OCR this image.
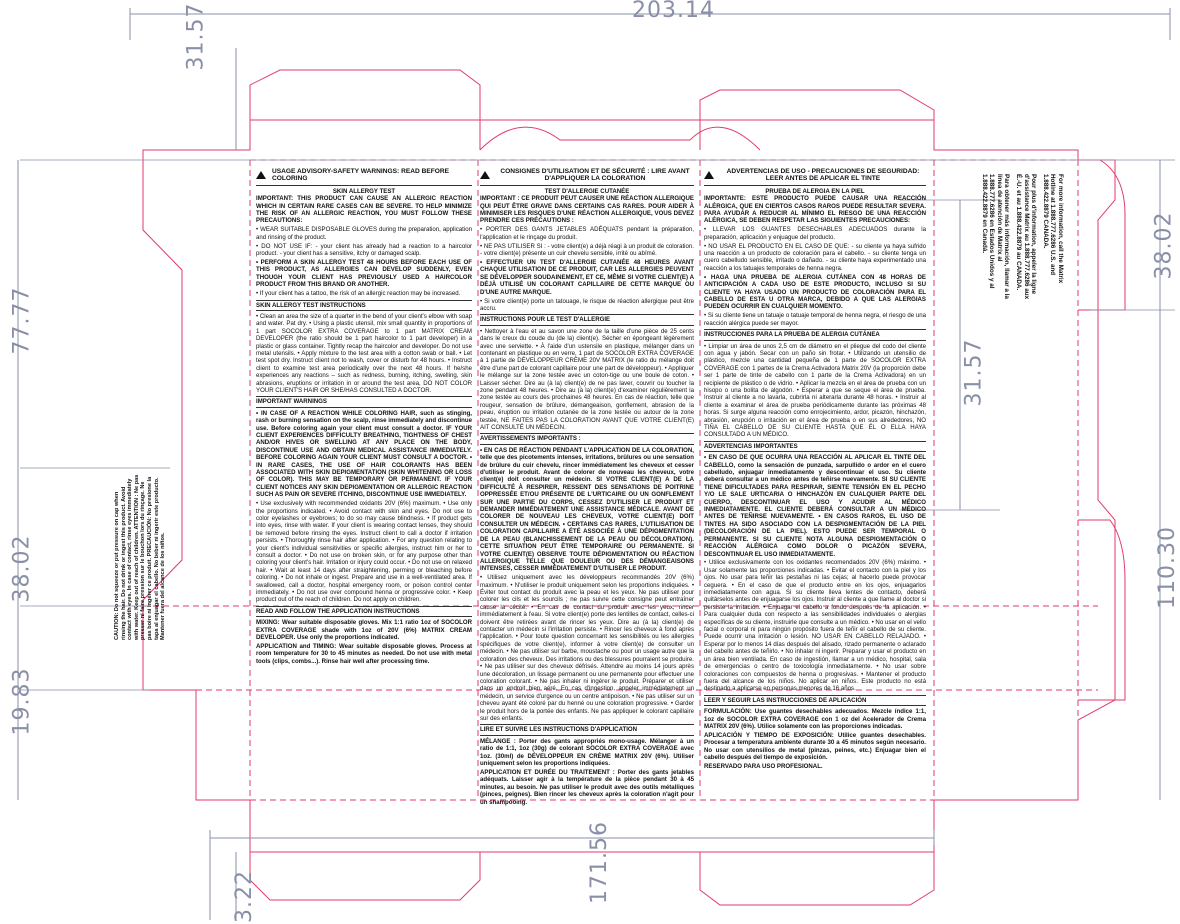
203.14
31.57
38.02
77.77
38.02
19.83
31.57
110.30
171.56
3.22
USAGE ADVISORY-SAFETY WARNINGS: READ BEFORE COLORING
SKIN ALLERGY TEST

IMPORTANT: THIS PRODUCT CAN CAUSE AN ALLERGIC REACTION WHICH IN CERTAIN RARE CASES CAN BE SEVERE. TO HELP MINIMIZE THE RISK OF AN ALLERGIC REACTION, YOU MUST FOLLOW THESE PRECAUTIONS:

• WEAR SUITABLE DISPOSABLE GLOVES during the preparation, application and rinsing of the product.

• DO NOT USE IF: - your client has already had a reaction to a haircolor product. - your client has a sensitive, itchy or damaged scalp.

• PERFORM A SKIN ALLERGY TEST 48 HOURS BEFORE EACH USE OF THIS PRODUCT, AS ALLERGIES CAN DEVELOP SUDDENLY, EVEN THOUGH YOUR CLIENT HAS PREVIOUSLY USED A HAIRCOLOR PRODUCT FROM THIS BRAND OR ANOTHER.

• If your client has a tattoo, the risk of an allergic reaction may be increased.

SKIN ALLERGY TEST INSTRUCTIONS

• Clean an area the size of a quarter in the bend of your client's elbow with soap and water. Pat dry. • Using a plastic utensil, mix small quantity in proportions of 1 part SOCOLOR EXTRA COVERAGE to 1 part MATRIX CREAM DEVELOPER (the ratio should be 1 part haircolor to 1 part developer) in a plastic or glass container. Tightly recap the haircolor and developer. Do not use metal utensils. • Apply mixture to the test area with a cotton swab or ball. • Let test spot dry. Instruct client not to wash, cover or disturb for 48 hours. • Instruct client to examine test area periodically over the next 48 hours. If he/she experiences any reactions – such as redness, burning, itching, swelling, skin abrasions, eruptions or irritation in or around the test area, DO NOT COLOR YOUR CLIENT'S HAIR OR SHE/HAS CONSULTED A DOCTOR.

IMPORTANT WARNINGS

• IN CASE OF A REACTION WHILE COLORING HAIR, such as stinging, rash or burning sensation on the scalp, rinse immediately and discontinue use. Before coloring again your client must consult a doctor. IF YOUR CLIENT EXPERIENCES DIFFICULTY BREATHING, TIGHTNESS OF CHEST AND/OR HIVES OR SWELLING AT ANY PLACE ON THE BODY, DISCONTINUE USE AND OBTAIN MEDICAL ASSISTANCE IMMEDIATELY. BEFORE COLORING AGAIN YOUR CLIENT MUST CONSULT A DOCTOR. • IN RARE CASES, THE USE OF HAIR COLORANTS HAS BEEN ASSOCIATED WITH SKIN DEPIGMENTATION (SKIN WHITENING OR LOSS OF COLOR). THIS MAY BE TEMPORARY OR PERMANENT. IF YOUR CLIENT NOTICES ANY SKIN DEPIGMENTATION OR ALLERGIC REACTION SUCH AS PAIN OR SEVERE ITCHING, DISCONTINUE USE IMMEDIATELY.

• Use exclusively with recommended oxidants 20V (6%) maximum. • Use only the proportions indicated. • Avoid contact with skin and eyes. Do not use to color eyelashes or eyebrows; to do so may cause blindness. • If product gets into eyes, rinse with water. If your client is wearing contact lenses, they should be removed before rinsing the eyes. Instruct client to call a doctor if irritation persists. • Thoroughly rinse hair after application. • For any question relating to your client's individual sensitivities or specific allergies, instruct him or her to consult a doctor. • Do not use on broken skin, or for any purpose other than coloring your client's hair. Irritation or injury could occur. • Do not use on relaxed hair. • Wait at least 14 days after straightening, perming or bleaching before coloring. • Do not inhale or ingest. Prepare and use in a well-ventilated area. If swallowed, call a doctor, hospital emergency room, or poison control center immediately. • Do not use over compound henna or progressive color. • Keep product out of the reach of children. Do not apply on children.

READ AND FOLLOW THE APPLICATION INSTRUCTIONS

MIXING: Wear suitable disposable gloves. Mix 1:1 ratio 1oz of SOCOLOR EXTRA COVERAGE shade with 1oz of 20V (6%) MATRIX CREAM DEVELOPER. Use only the proportions indicated.

APPLICATION and TIMING: Wear suitable disposable gloves. Process at room temperature for 30 to 45 minutes as needed. Do not use with metal tools (clips, combs...). Rinse hair well after processing time.

CONSIGNES D'UTILISATION ET DE SÉCURITÉ : LIRE AVANT D'APPLIQUER LA COLORATION
TEST D'ALLERGIE CUTANÉE

IMPORTANT : CE PRODUIT PEUT CAUSER UNE RÉACTION ALLERGIQUE QUI PEUT ÊTRE GRAVE DANS CERTAINS CAS RARES. POUR AIDER À MINIMISER LES RISQUES D'UNE RÉACTION ALLERGIQUE, VOUS DEVEZ PRENDRE CES PRÉCAUTIONS :

• PORTER DES GANTS JETABLES ADÉQUATS pendant la préparation, l'application et le rinçage du produit.

• NE PAS UTILISER SI : - votre client(e) a déjà réagi à un produit de coloration. - votre client(e) présente un cuir chevelu sensible, irrité ou abîmé.

• EFFECTUER UN TEST D'ALLERGIE CUTANÉE 48 HEURES AVANT CHAQUE UTILISATION DE CE PRODUIT, CAR LES ALLERGIES PEUVENT SE DÉVELOPPER SOUDAINEMENT, ET CE, MÊME SI VOTRE CLIENT(E) A DÉJÀ UTILISÉ UN COLORANT CAPILLAIRE DE CETTE MARQUE OU D'UNE AUTRE MARQUE.

• Si votre client(e) porte un tatouage, le risque de réaction allergique peut être accru.

INSTRUCTIONS POUR LE TEST D'ALLERGIE

• Nettoyer à l'eau et au savon une zone de la taille d'une pièce de 25 cents dans le creux du coude du (de la) client(e). Sécher en épongeant légèrement avec une serviette. • À l'aide d'un ustensile en plastique, mélanger dans un contenant en plastique ou en verre, 1 part de SOCOLOR EXTRA COVERAGE à 1 partie de DÉVELOPPEUR CRÈME 20V MATRIX (le ratio du mélange doit être d'une part de colorant capillaire pour une part de développeur). • Appliquer le mélange sur la zone testée avec un coton-tige ou une boule de coton. • Laisser sécher. Dire au (à la) client(e) de ne pas laver, couvrir ou toucher la zone pendant 48 heures. • Dire au (à la) client(e) d'examiner régulièrement la zone testée au cours des prochaines 48 heures. En cas de réaction, telle que rougeur, sensation de brûlure, démangeaison, gonflement, abrasion de la peau, éruption ou irritation cutanée de la zone testée ou autour de la zone testée, NE FAITES PAS LA COLORATION AVANT QUE VOTRE CLIENT(E) AIT CONSULTÉ UN MÉDECIN.

AVERTISSEMENTS IMPORTANTS :

• EN CAS DE RÉACTION PENDANT L'APPLICATION DE LA COLORATION, telle que des picotements intenses, irritations, brûlures ou une sensation de brûlure du cuir chevelu, rincer immédiatement les cheveux et cesser d'utiliser le produit. Avant de colorer de nouveau les cheveux, votre client(e) doit consulter un médecin. SI VOTRE CLIENT(E) A DE LA DIFFICULTÉ À RESPIRER, RESSENT DES SENSATIONS DE POITRINE OPPRESSÉE ET/OU PRÉSENTE DE L'URTICAIRE OU UN GONFLEMENT SUR UNE PARTIE DU CORPS, CESSEZ D'UTILISER LE PRODUIT ET DEMANDER IMMÉDIATEMENT UNE ASSISTANCE MÉDICALE. AVANT DE COLORER DE NOUVEAU LES CHEVEUX, VOTRE CLIENT(E) DOIT CONSULTER UN MÉDECIN. • CERTAINS CAS RARES, L'UTILISATION DE COLORATION CAPILLAIRE A ÉTÉ ASSOCIÉE À UNE DÉPIGMENTATION DE LA PEAU (BLANCHISSEMENT DE LA PEAU OU DÉCOLORATION). CETTE SITUATION PEUT ÊTRE TEMPORAIRE OU PERMANENTE. SI VOTRE CLIENT(E) OBSERVE TOUTE DÉPIGMENTATION OU RÉACTION ALLERGIQUE TELLE QUE DOULEUR OU DES DÉMANGEAISONS INTENSES, CESSER IMMÉDIATEMENT D'UTILISER LE PRODUIT.

• Utilisez uniquement avec les développeurs recommandés 20V (6%) maximum. • N'utiliser le produit uniquement selon les proportions indiquées. • Éviter tout contact du produit avec la peau et les yeux. Ne pas utiliser pour colorer les cils et les sourcils ; ne pas suivre cette consigne peut entraîner cause la cécité. • En cas de contact du produit avec les yeux, rincer immédiatement à l'eau. Si votre client(e) porte des lentilles de contact, celles-ci doivent être retirées avant de rincer les yeux. Dire au (à la) client(e) de contacter un médecin si l'irritation persiste. • Rincer les cheveux à fond après l'application. • Pour toute question concernant les sensibilités ou les allergies spécifiques de votre client(e), informer à votre client(e) de consulter un médecin. • Ne pas utiliser sur barbe, moustache ou pour un usage autre que la coloration des cheveux. Des irritations ou des blessures pourraient se produire. • Ne pas utiliser sur des cheveux défrisés. Attendre au moins 14 jours après une décoloration, un lissage permanent ou une permanente pour effectuer une coloration colorant. • Ne pas inhaler ni ingérer le produit. Préparer et utiliser dans un endroit bien aéré. En cas d'ingestion, appeler immédiatement un médecin, un service d'urgence ou un centre antipoison. • Ne pas utiliser sur un cheveu ayant été coloré par du henné ou une coloration progressive. • Garder le produit hors de la portée des enfants. Ne pas appliquer le colorant capillaire sur des enfants.

LIRE ET SUIVRE LES INSTRUCTIONS D'APPLICATION

MÉLANGE : Porter des gants appropriés mono-usage. Mélanger à un ratio de 1:1, 1oz (30g) de colorant SOCOLOR EXTRA COVERAGE avec 1oz. (30ml) de DÉVELOPPEUR EN CRÈME MATRIX 20V (6%). Utiliser uniquement selon les proportions indiquées.

APPLICATION ET DURÉE DU TRAITEMENT : Porter des gants jetables adéquats. Laisser agir à la température de la pièce pendant 30 à 45 minutes, au besoin. Ne pas utiliser le produit avec des outils métalliques (pinces, peignes). Bien rincer les cheveux après la coloration n'agit pour un shampooing.

ADVERTENCIAS DE USO - PRECAUCIONES DE SEGURIDAD: LEER ANTES DE APLICAR EL TINTE
PRUEBA DE ALERGIA EN LA PIEL

IMPORTANTE: ESTE PRODUCTO PUEDE CAUSAR UNA REACCIÓN ALÉRGICA, QUE EN CIERTOS CASOS RAROS PUEDE RESULTAR SEVERA. PARA AYUDAR A REDUCIR AL MÍNIMO EL RIESGO DE UNA REACCIÓN ALÉRGICA, SE DEBEN RESPETAR LAS SIGUIENTES PRECAUCIONES:

• LLEVAR LOS GUANTES DESECHABLES ADECUADOS durante la preparación, aplicación y enjuague del producto.

• NO USAR EL PRODUCTO EN EL CASO DE QUE: - su cliente ya haya sufrido una reacción a un producto de coloración para el cabello. - su cliente tenga un cuero cabelludo sensible, irritado o dañado. - su cliente haya experimentado una reacción a los tatuajes temporales de henna negra.

• HAGA UNA PRUEBA DE ALERGIA CUTÁNEA CON 48 HORAS DE ANTICIPACIÓN A CADA USO DE ESTE PRODUCTO, INCLUSO SI SU CLIENTE YA HAYA USADO UN PRODUCTO DE COLORACIÓN PARA EL CABELLO DE ESTA U OTRA MARCA, DEBIDO A QUE LAS ALERGIAS PUEDEN OCURRIR EN CUALQUIER MOMENTO.

• Si su cliente tiene un tatuaje o tatuaje temporal de henna negra, el riesgo de una reacción alérgica puede ser mayor.

INSTRUCCIONES PARA LA PRUEBA DE ALERGIA CUTÁNEA

• Limpiar un área de unos 2,5 cm de diámetro en el pliegue del codo del cliente con agua y jabón. Secar con un paño sin frotar. • Utilizando un utensilio de plástico, mezcle una cantidad pequeña de 1 parte de SOCOLOR EXTRA COVERAGE con 1 partes de la Crema Activadora Matrix 20V (la proporción debe ser 1 parte de tinte de cabello con 1 parte de la Crema Activadora) en un recipiente de plástico o de vidrio. • Aplicar la mezcla en el área de prueba con un hisopo o una bolita de algodón. • Esperar a que se seque el área de prueba. Instruir al cliente a no lavarla, cubrirla ni alterarla durante 48 horas. • Instruir al cliente a examinar el área de prueba periódicamente durante las próximas 48 horas. Si surge alguna reacción como enrojecimiento, ardor, picazón, hinchazón, abrasión, erupción o irritación en el área de prueba o en sus alrededores, NO TIÑA EL CABELLO DE SU CLIENTE HASTA QUE ÉL O ELLA HAYA CONSULTADO A UN MÉDICO.

ADVERTENCIAS IMPORTANTES

• EN CASO DE QUE OCURRA UNA REACCIÓN AL APLICAR EL TINTE DEL CABELLO, como la sensación de punzada, sarpullido o ardor en el cuero cabelludo, enjuagar inmediatamente y descontinuar el uso. Su cliente deberá consultar a un médico antes de teñirse nuevamente. SI SU CLIENTE TIENE DIFICULTADES PARA RESPIRAR, SIENTE TENSIÓN EN EL PECHO Y/O LE SALE URTICARIA O HINCHAZÓN EN CUALQUIER PARTE DEL CUERPO, DESCONTINUAR EL USO Y ACUDIR AL MÉDICO INMEDIATAMENTE. EL CLIENTE DEBERÁ CONSULTAR A UN MÉDICO ANTES DE TEÑIRSE NUEVAMENTE. • EN CASOS RAROS, EL USO DE TINTES HA SIDO ASOCIADO CON LA DESPIGMENTACIÓN DE LA PIEL (DECOLORACIÓN DE LA PIEL). ESTO PUEDE SER TEMPORAL O PERMANENTE. SI SU CLIENTE NOTA ALGUNA DESPIGMENTACIÓN O REACCIÓN ALÉRGICA COMO DOLOR O PICAZÓN SEVERA, DESCONTINUAR EL USO INMEDIATAMENTE.

• Utilice exclusivamente con los oxidantes recomendados 20V (6%) máximo. • Usar solamente las proporciones indicadas. • Evitar el contacto con la piel y los ojos. No usar para teñir las pestañas ni las cejas; al hacerlo puede provocar ceguera. • En el caso de que el producto entre en los ojos, enjuagarlos inmediatamente con agua. Si su cliente lleva lentes de contacto, deberá quitárselos antes de enjuagarse los ojos. Instruir al cliente a que llame al doctor si persiste la irritación. • Enjuagar el cabello a fondo después de la aplicación. • Para cualquier duda con respecto a las sensibilidades individuales o alergias específicas de su cliente, instruirle que consulte a un médico. • No usar en el vello facial o corporal ni para ningún propósito fuera de teñir el cabello de su cliente. Puede ocurrir una irritación o lesión. NO USAR EN CABELLO RELAJADO. • Esperar por lo menos 14 días después del alisado, rizado permanente o aclarado del cabello antes de teñirlo. • No inhalar ni ingerir. Preparar y usar el producto en un área bien ventilada. En caso de ingestión, llamar a un médico, hospital, sala de emergencias o centro de toxicología inmediatamente. • No usar sobre coloraciones con compuestos de henna o progresivas. • Mantener el producto fuera del alcance de los niños. No aplicar en niños. Este producto no está destinado a aplicarse en personas menores de 16 años.

LEER Y SEGUIR LAS INSTRUCCIONES DE APLICACIÓN

FORMULACIÓN: Use guantes desechables adecuados. Mezcle índice 1:1, 1oz de SOCOLOR EXTRA COVERAGE con 1 oz del Acelerador de Crema MATRIX 20V (6%). Utilice solamente con las proporciones indicadas.

APLICACIÓN Y TIEMPO DE EXPOSICIÓN: Utilice guantes desechables. Procesar a temperatura ambiente durante 30 a 45 minutos según necesario. No usar con utensilios de metal (pinzas, peines, etc.) Enjuagar bien el cabello después del tiempo de exposición.

RESERVADO PARA USO PROFESIONAL.

For more information, call the Matrix Hotline at 1.888.777.6286 U.S. and 1.888.422.8879 CANADA.
Pour plus d'information, appeler la ligne d'assistance Matrix au 1.888.777.6286 aux É.-U. et au 1.888.422.8879 au CANADA.
Para obtener más información, llamar a la línea de atención de Matrix al 1.888.777.6286 en Estados Unidos y al 1.888.422.8879 en Canadá.
CAUTION: Do not squeeze or put pressure on cap when rinsing the hair. Do not drink or ingest this product. Avoid contact with eyes. In case of contact, rinse eyes immediately with water. Keep out of reach of children. ATTENTION : Ne pas presser ni faire pression sur le bouchon lors du rinçage. Ne pas boire ni ingérer ce produit. PRECAUCIÓN: No presione la tapa al enjuagar el cabello. No beber ni ingerir este producto. Mantener fuera del alcance de los niños.
